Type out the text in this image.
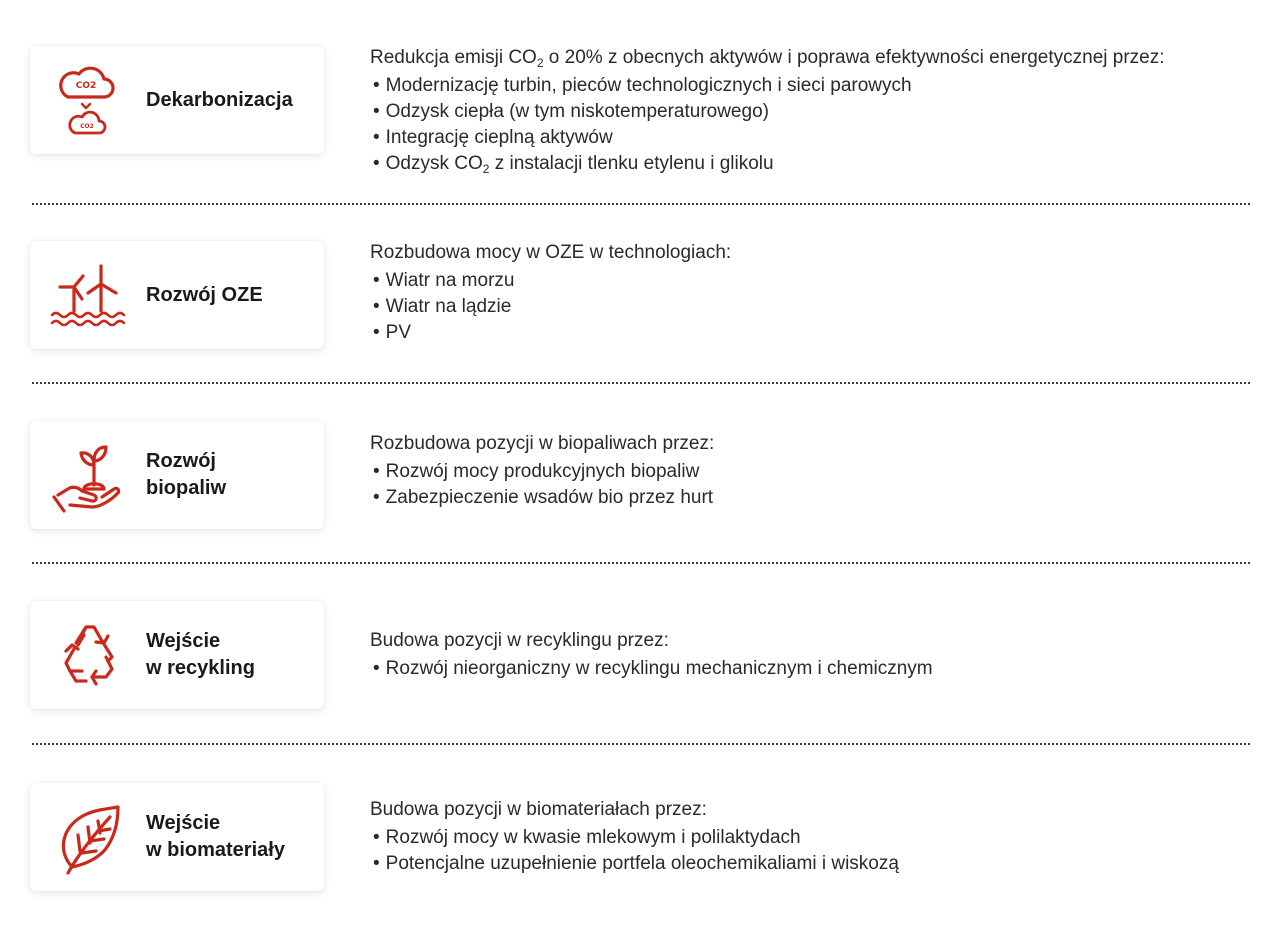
CO2
CO2
Dekarbonizacja
Redukcja emisji $CO_2$ o 20% z obecnych aktywów i poprawa efektywności energetycznej przez:
• Modernizację turbin, pieców technologicznych i sieci parowych
• Odzysk ciepła (w tym niskotemperaturowego)
• Integrację cieplną aktywów
• Odzysk $CO_2$ z instalacji tlenku etylenu i glikolu
Rozwój OZE
Rozbudowa mocy w OZE w technologiach:
• Wiatr na morzu
• Wiatr na lądzie
• PV
Rozwój
biopaliw
Rozbudowa pozycji w biopaliwach przez:
• Rozwój mocy produkcyjnych biopaliw
• Zabezpieczenie wsadów bio przez hurt
Wejście
w recykling
Budowa pozycji w recyklingu przez:
• Rozwój nieorganiczny w recyklingu mechanicznym i chemicznym
Wejście
w biomateriały
Budowa pozycji w biomateriałach przez:
• Rozwój mocy w kwasie mlekowym i polilaktydach
• Potencjalne uzupełnienie portfela oleochemikaliami i wiskozą
